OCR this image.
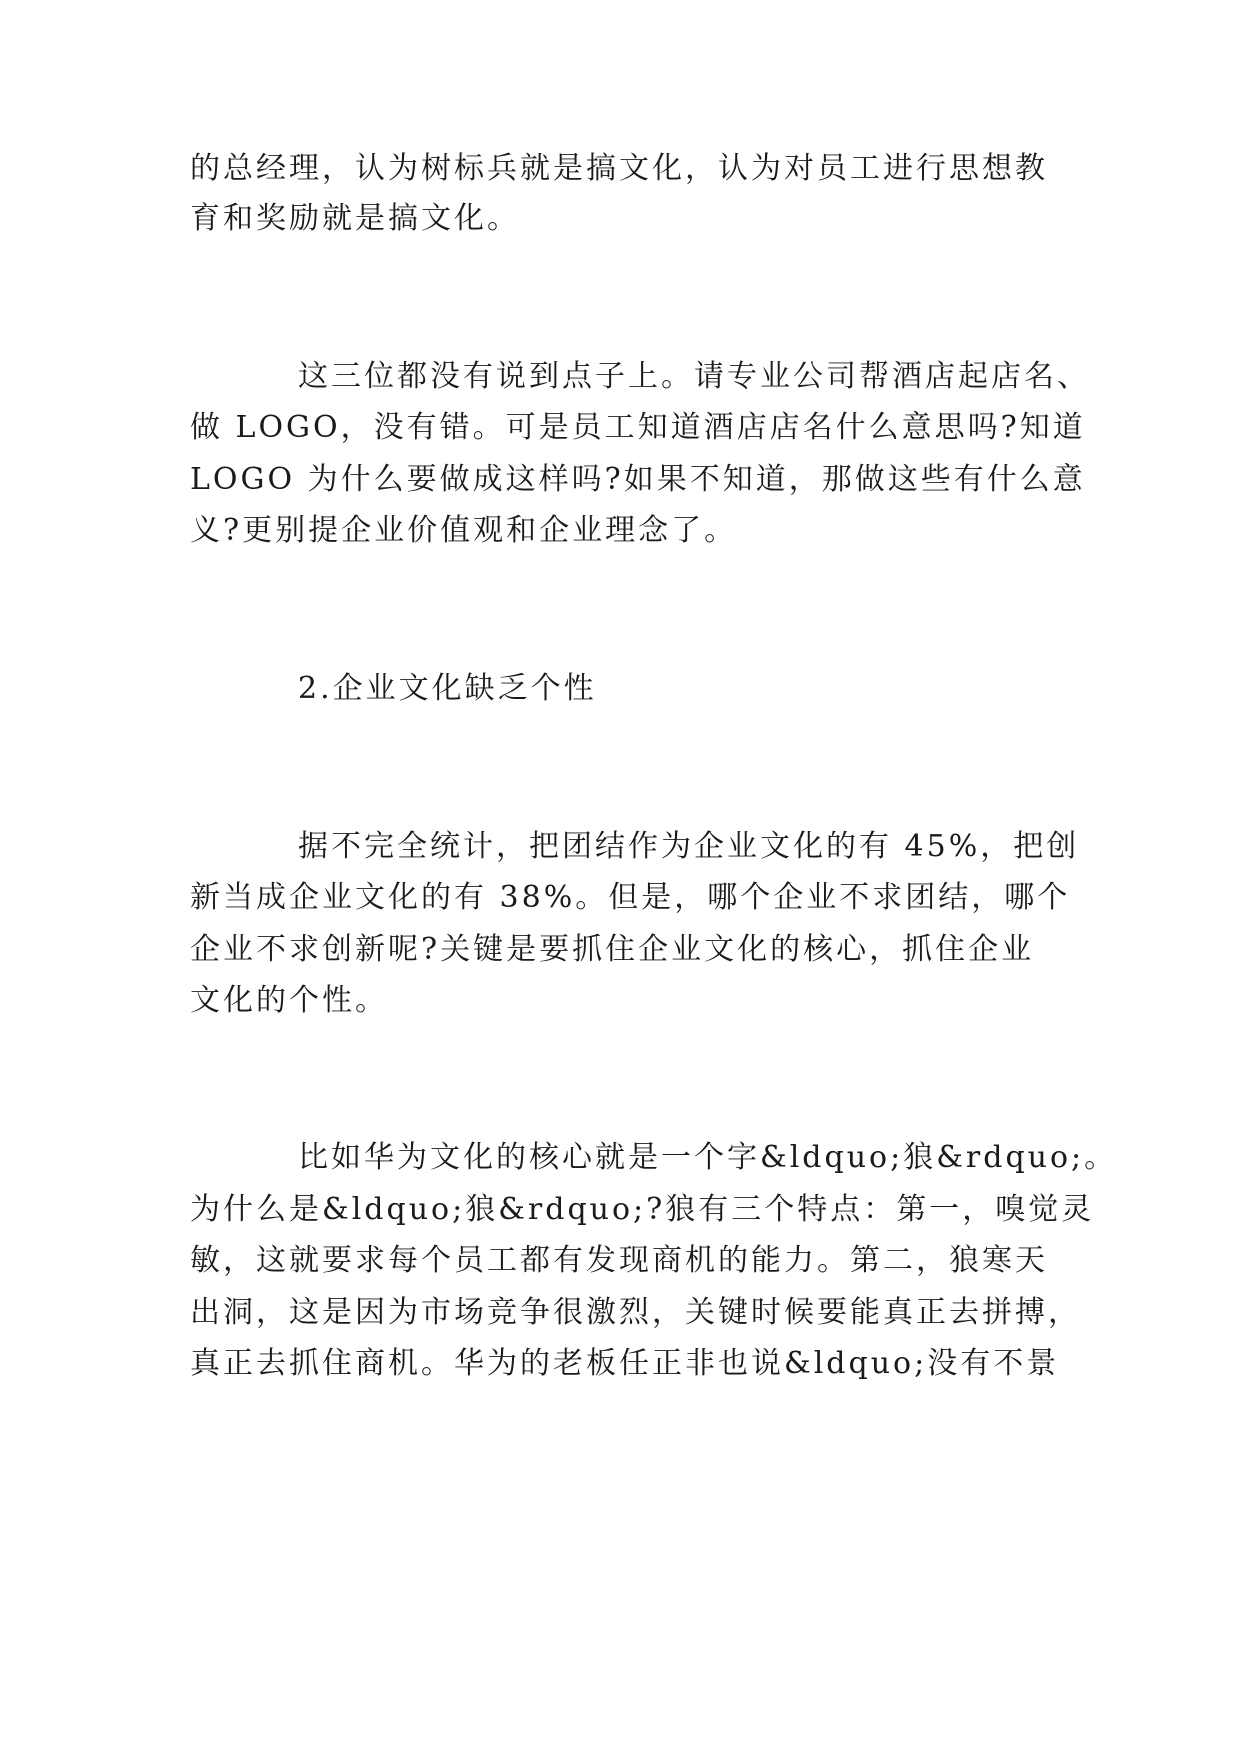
的总经理，认为树标兵就是搞文化，认为对员工进行思想教
育和奖励就是搞文化。
这三位都没有说到点子上。请专业公司帮酒店起店名、
做 LOGO，没有错。可是员工知道酒店店名什么意思吗?知道
LOGO 为什么要做成这样吗?如果不知道，那做这些有什么意
义?更别提企业价值观和企业理念了。
2.企业文化缺乏个性
据不完全统计，把团结作为企业文化的有 45%，把创
新当成企业文化的有 38%。但是，哪个企业不求团结，哪个
企业不求创新呢?关键是要抓住企业文化的核心，抓住企业
文化的个性。
比如华为文化的核心就是一个字&ldquo;狼&rdquo;。
为什么是&ldquo;狼&rdquo;?狼有三个特点：第一，嗅觉灵
敏，这就要求每个员工都有发现商机的能力。第二，狼寒天
出洞，这是因为市场竞争很激烈，关键时候要能真正去拼搏，
真正去抓住商机。华为的老板任正非也说&ldquo;没有不景
